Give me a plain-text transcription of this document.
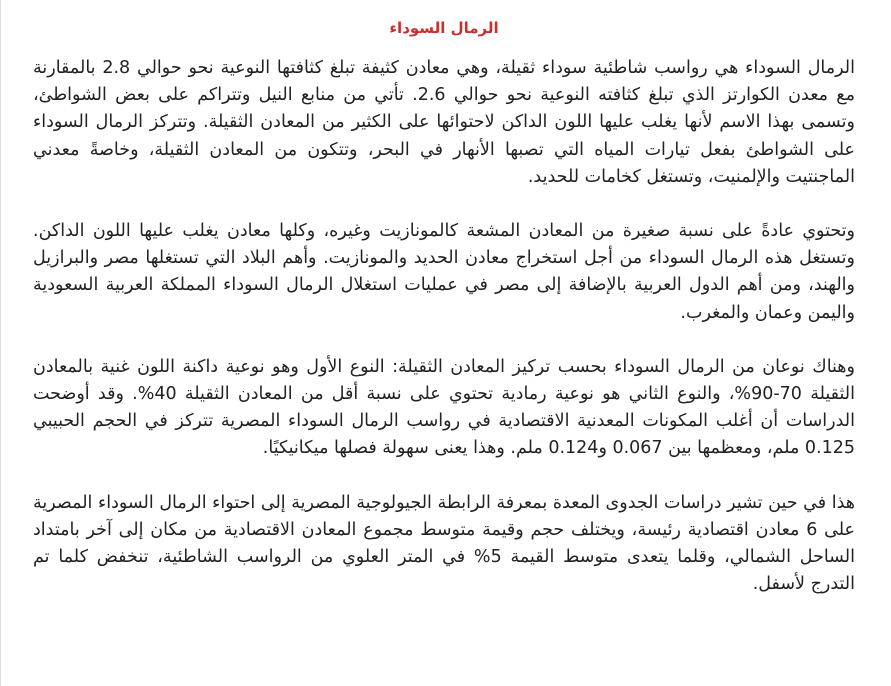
الرمال السوداء

الرمال السوداء هي رواسب شاطئية سوداء ثقيلة، وهي معادن كثيفة تبلغ كثافتها النوعية نحو حوالي 2.8 بالمقارنة مع معدن الكوارتز الذي تبلغ كثافته النوعية نحو حوالي 2.6. تأتي من منابع النيل وتتراكم على بعض الشواطئ، وتسمى بهذا الاسم لأنها يغلب عليها اللون الداكن لاحتوائها على الكثير من المعادن الثقيلة. وتتركز الرمال السوداء على الشواطئ بفعل تيارات المياه التي تصبها الأنهار في البحر، وتتكون من المعادن الثقيلة، وخاصةً معدني الماجنتيت والإلمنيت، وتستغل كخامات للحديد.

وتحتوي عادةً على نسبة صغيرة من المعادن المشعة كالمونازيت وغيره، وكلها معادن يغلب عليها اللون الداكن. وتستغل هذه الرمال السوداء من أجل استخراج معادن الحديد والمونازيت. وأهم البلاد التي تستغلها مصر والبرازيل والهند، ومن أهم الدول العربية بالإضافة إلى مصر في عمليات استغلال الرمال السوداء المملكة العربية السعودية واليمن وعمان والمغرب.

وهناك نوعان من الرمال السوداء بحسب تركيز المعادن الثقيلة: النوع الأول وهو نوعية داكنة اللون غنية بالمعادن الثقيلة 70-90%، والنوع الثاني هو نوعية رمادية تحتوي على نسبة أقل من المعادن الثقيلة 40%. وقد أوضحت الدراسات أن أغلب المكونات المعدنية الاقتصادية في رواسب الرمال السوداء المصرية تتركز في الحجم الحبيبي 0.125 ملم، ومعظمها بين 0.067 و0.124 ملم. وهذا يعنى سهولة فصلها ميكانيكيًا.

هذا في حين تشير دراسات الجدوى المعدة بمعرفة الرابطة الجيولوجية المصرية إلى احتواء الرمال السوداء المصرية على 6 معادن اقتصادية رئيسة، ويختلف حجم وقيمة متوسط مجموع المعادن الاقتصادية من مكان إلى آخر بامتداد الساحل الشمالي، وقلما يتعدى متوسط القيمة 5% في المتر العلوي من الرواسب الشاطئية، تنخفض كلما تم التدرج لأسفل.
